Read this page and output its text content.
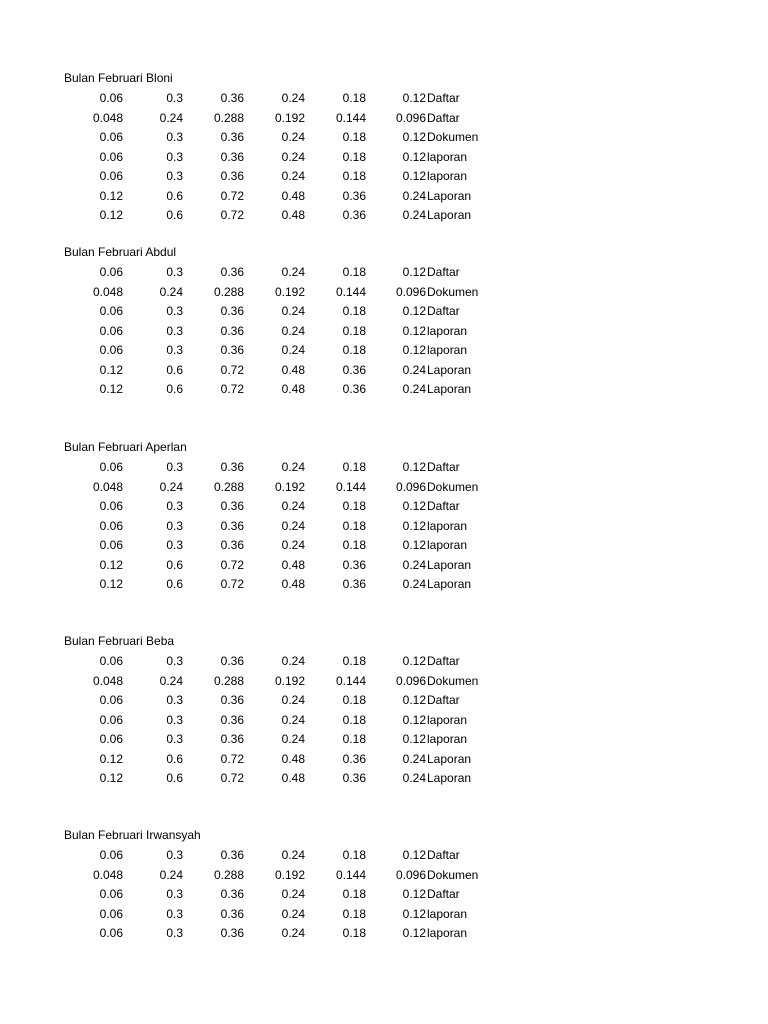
Bulan Februari Bloni
0.06	0.3	0.36	0.24	0.18	0.12 Daftar
0.048	0.24	0.288	0.192	0.144	0.096 Daftar
0.06	0.3	0.36	0.24	0.18	0.12 Dokumen
0.06	0.3	0.36	0.24	0.18	0.12 laporan
0.06	0.3	0.36	0.24	0.18	0.12 laporan
0.12	0.6	0.72	0.48	0.36	0.24 Laporan
0.12	0.6	0.72	0.48	0.36	0.24 Laporan
Bulan Februari Abdul
0.06	0.3	0.36	0.24	0.18	0.12 Daftar
0.048	0.24	0.288	0.192	0.144	0.096 Dokumen
0.06	0.3	0.36	0.24	0.18	0.12 Daftar
0.06	0.3	0.36	0.24	0.18	0.12 laporan
0.06	0.3	0.36	0.24	0.18	0.12 laporan
0.12	0.6	0.72	0.48	0.36	0.24 Laporan
0.12	0.6	0.72	0.48	0.36	0.24 Laporan
Bulan Februari Aperlan
0.06	0.3	0.36	0.24	0.18	0.12 Daftar
0.048	0.24	0.288	0.192	0.144	0.096 Dokumen
0.06	0.3	0.36	0.24	0.18	0.12 Daftar
0.06	0.3	0.36	0.24	0.18	0.12 laporan
0.06	0.3	0.36	0.24	0.18	0.12 laporan
0.12	0.6	0.72	0.48	0.36	0.24 Laporan
0.12	0.6	0.72	0.48	0.36	0.24 Laporan
Bulan Februari Beba
0.06	0.3	0.36	0.24	0.18	0.12 Daftar
0.048	0.24	0.288	0.192	0.144	0.096 Dokumen
0.06	0.3	0.36	0.24	0.18	0.12 Daftar
0.06	0.3	0.36	0.24	0.18	0.12 laporan
0.06	0.3	0.36	0.24	0.18	0.12 laporan
0.12	0.6	0.72	0.48	0.36	0.24 Laporan
0.12	0.6	0.72	0.48	0.36	0.24 Laporan
Bulan Februari Irwansyah
0.06	0.3	0.36	0.24	0.18	0.12 Daftar
0.048	0.24	0.288	0.192	0.144	0.096 Dokumen
0.06	0.3	0.36	0.24	0.18	0.12 Daftar
0.06	0.3	0.36	0.24	0.18	0.12 laporan
0.06	0.3	0.36	0.24	0.18	0.12 laporan
